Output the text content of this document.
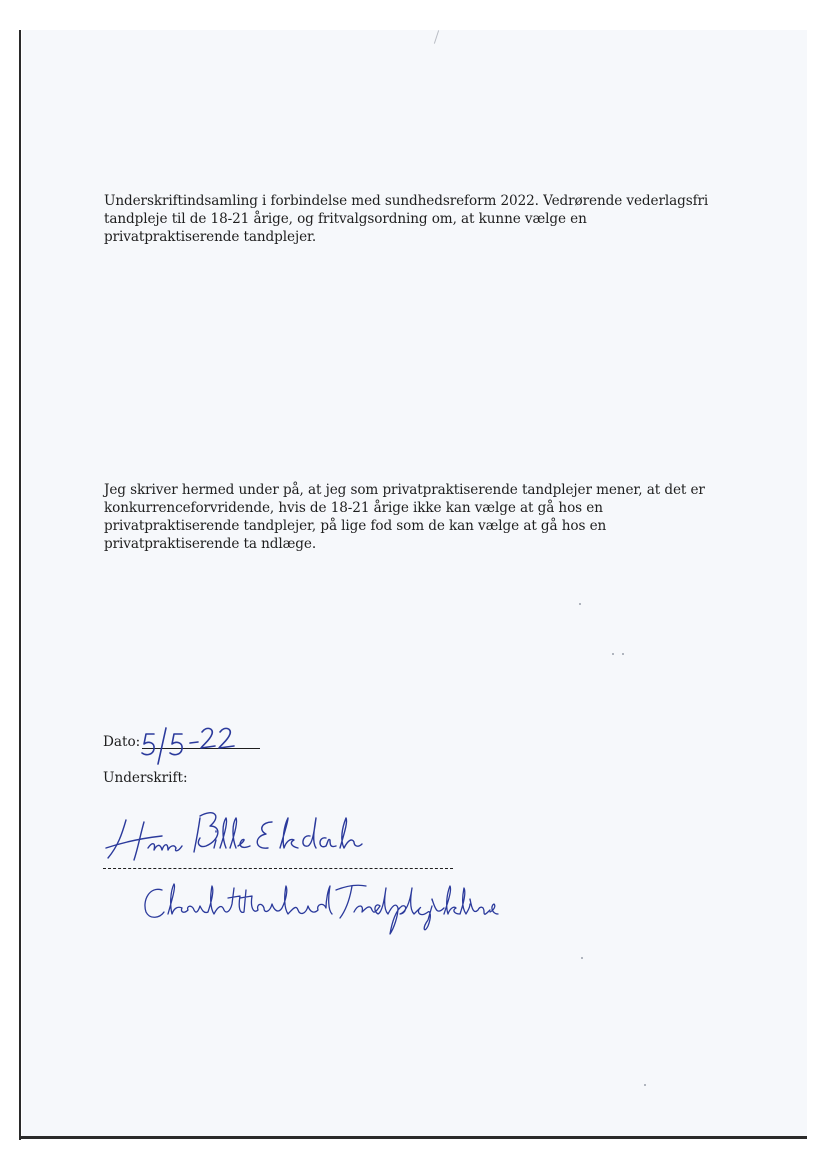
Underskriftindsamling i forbindelse med sundhedsreform 2022. Vedrørende vederlagsfri tandpleje til de 18-21 årige, og fritvalgsordning om, at kunne vælge en privatpraktiserende tandplejer.

Jeg skriver hermed under på, at jeg som privatpraktiserende tandplejer mener, at det er konkurrenceforvridende, hvis de 18-21 årige ikke kan vælge at gå hos en privatpraktiserende tandplejer, på lige fod som de kan vælge at gå hos en privatpraktiserende ta ndlæge.

Dato:
Underskrift:
